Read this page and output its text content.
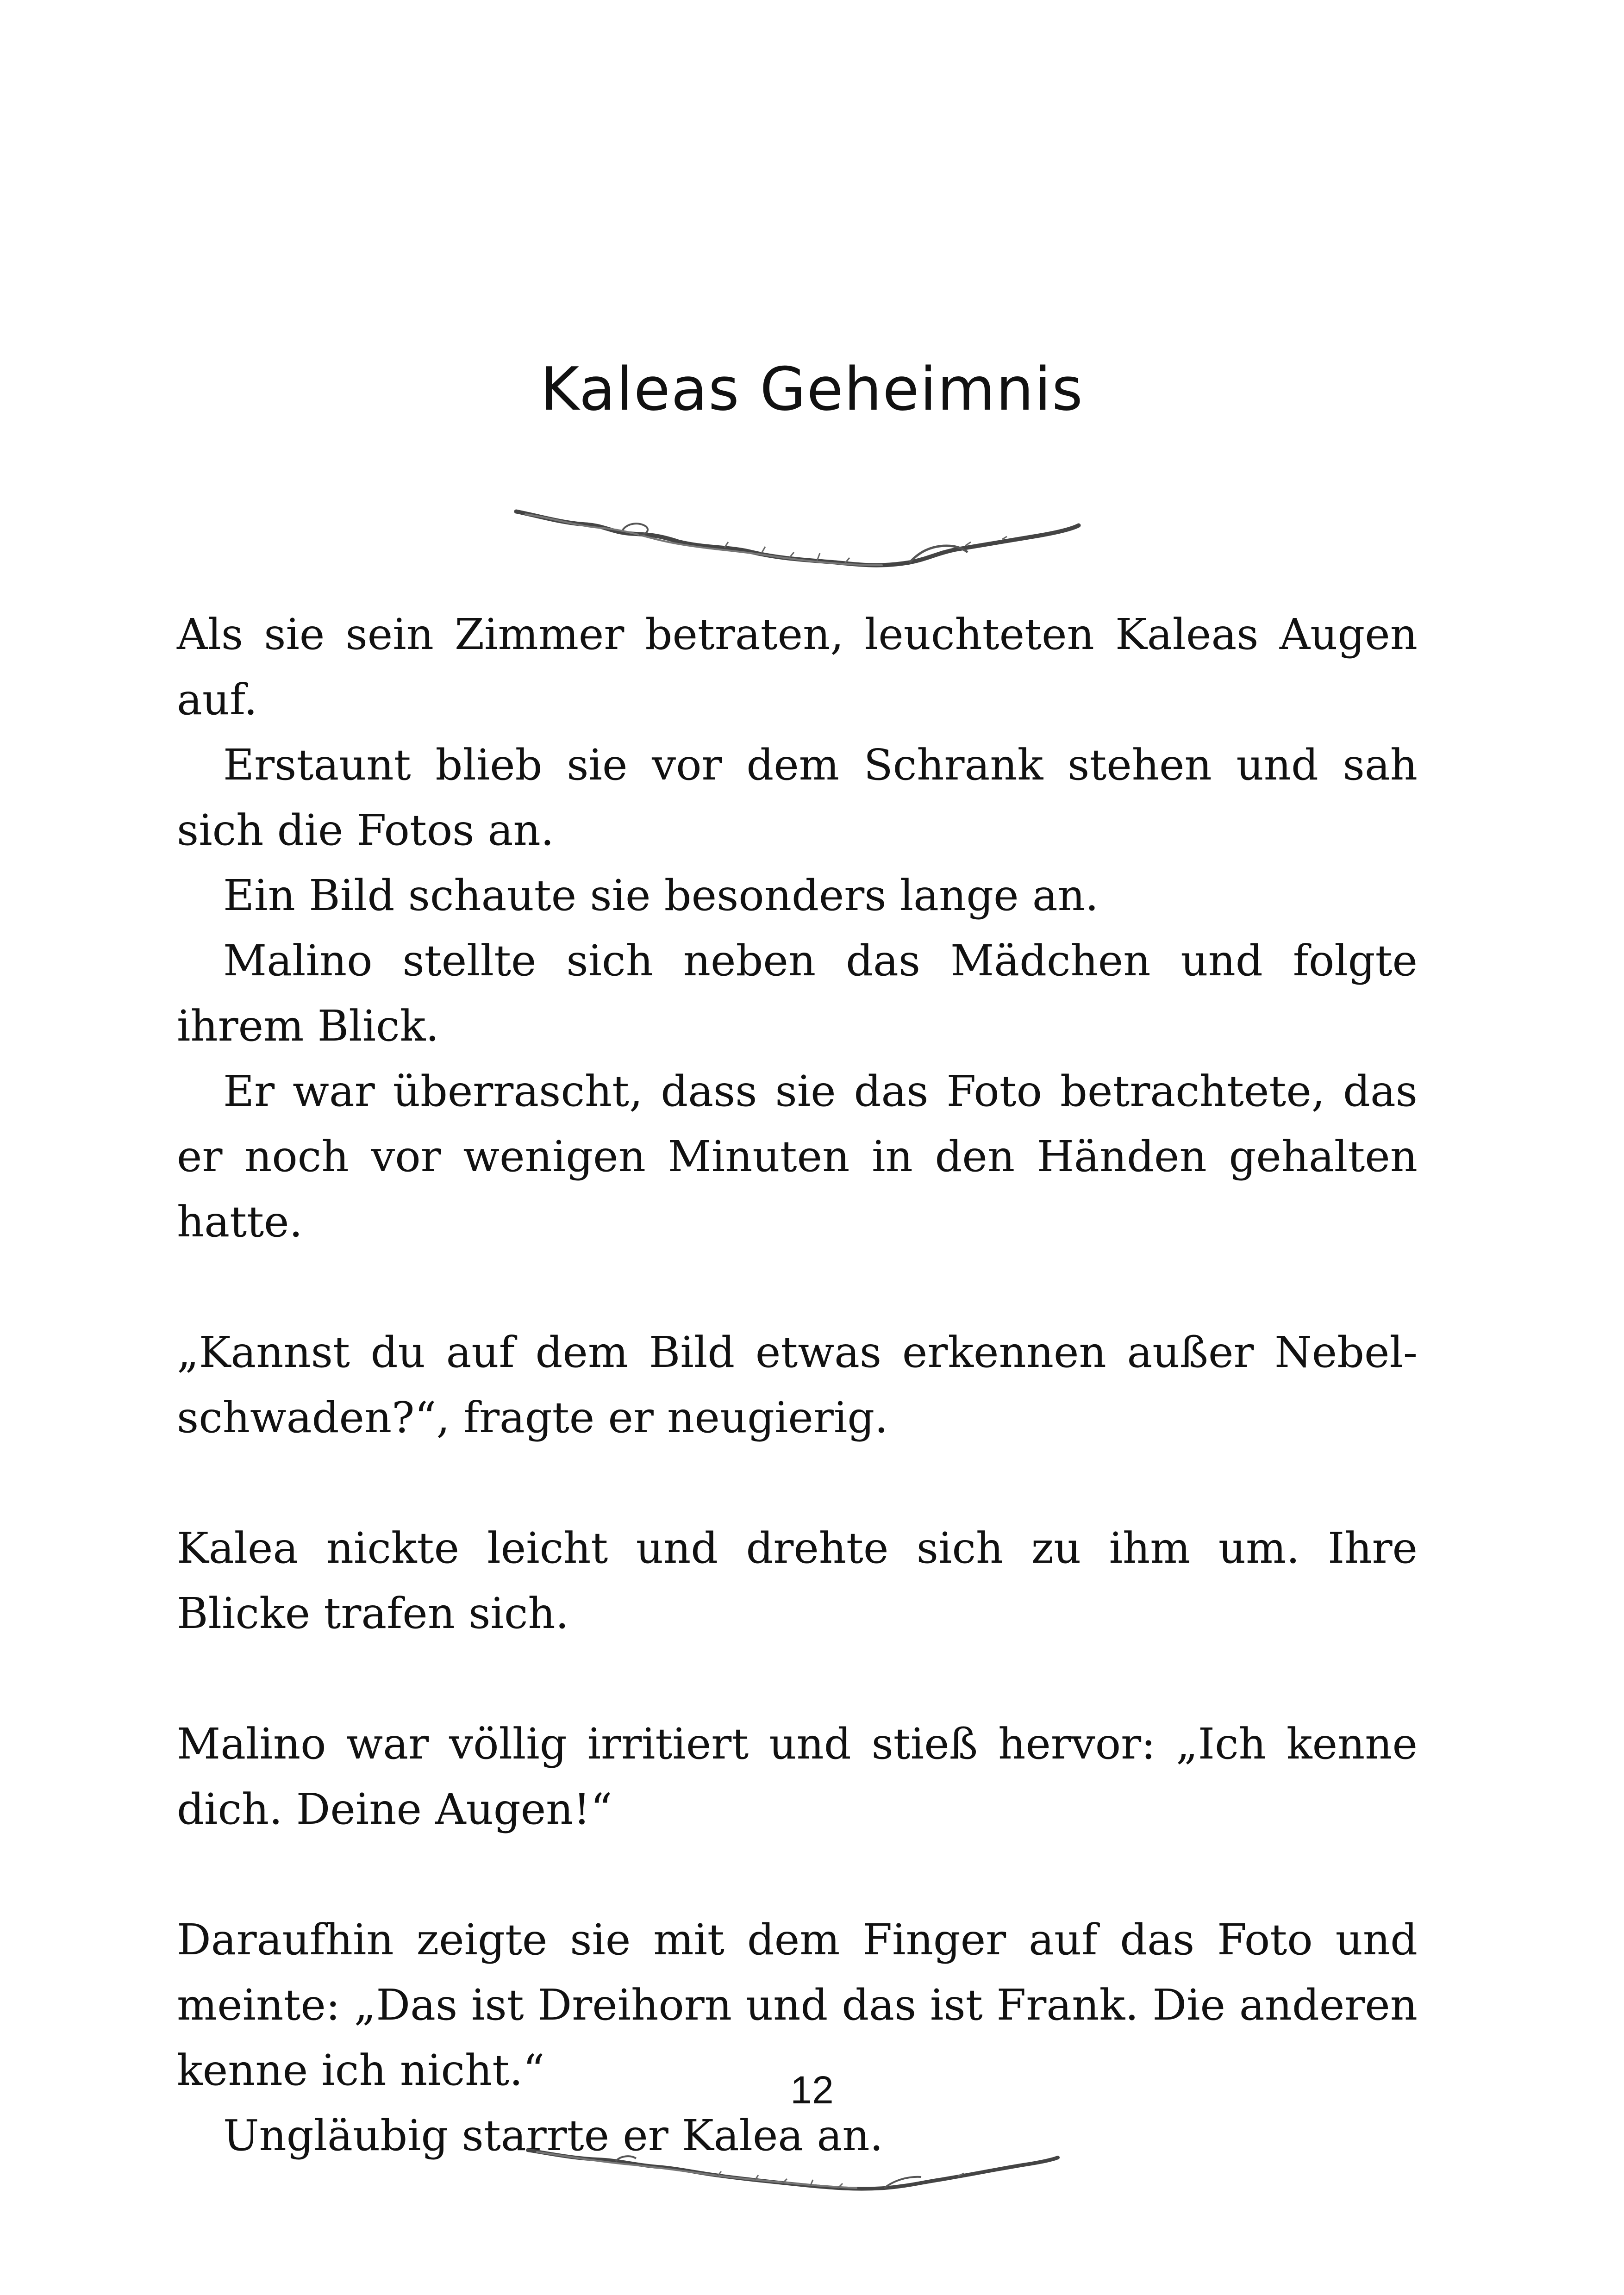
Kaleas Geheimnis

Als sie sein Zimmer betraten, leuchteten Kaleas Augen auf.

Erstaunt blieb sie vor dem Schrank stehen und sah sich die Fotos an.

Ein Bild schaute sie besonders lange an.

Malino stellte sich neben das Mädchen und folgte ihrem Blick.

Er war überrascht, dass sie das Foto betrachtete, das er noch vor wenigen Minuten in den Händen gehalten hatte.

„Kannst du auf dem Bild etwas erkennen außer Nebelschwaden?“, fragte er neugierig.

Kalea nickte leicht und drehte sich zu ihm um. Ihre Blicke trafen sich.

Malino war völlig irritiert und stieß hervor: „Ich kenne dich. Deine Augen!“

Daraufhin zeigte sie mit dem Finger auf das Foto und meinte: „Das ist Dreihorn und das ist Frank. Die anderen kenne ich nicht.“

Ungläubig starrte er Kalea an.

12
